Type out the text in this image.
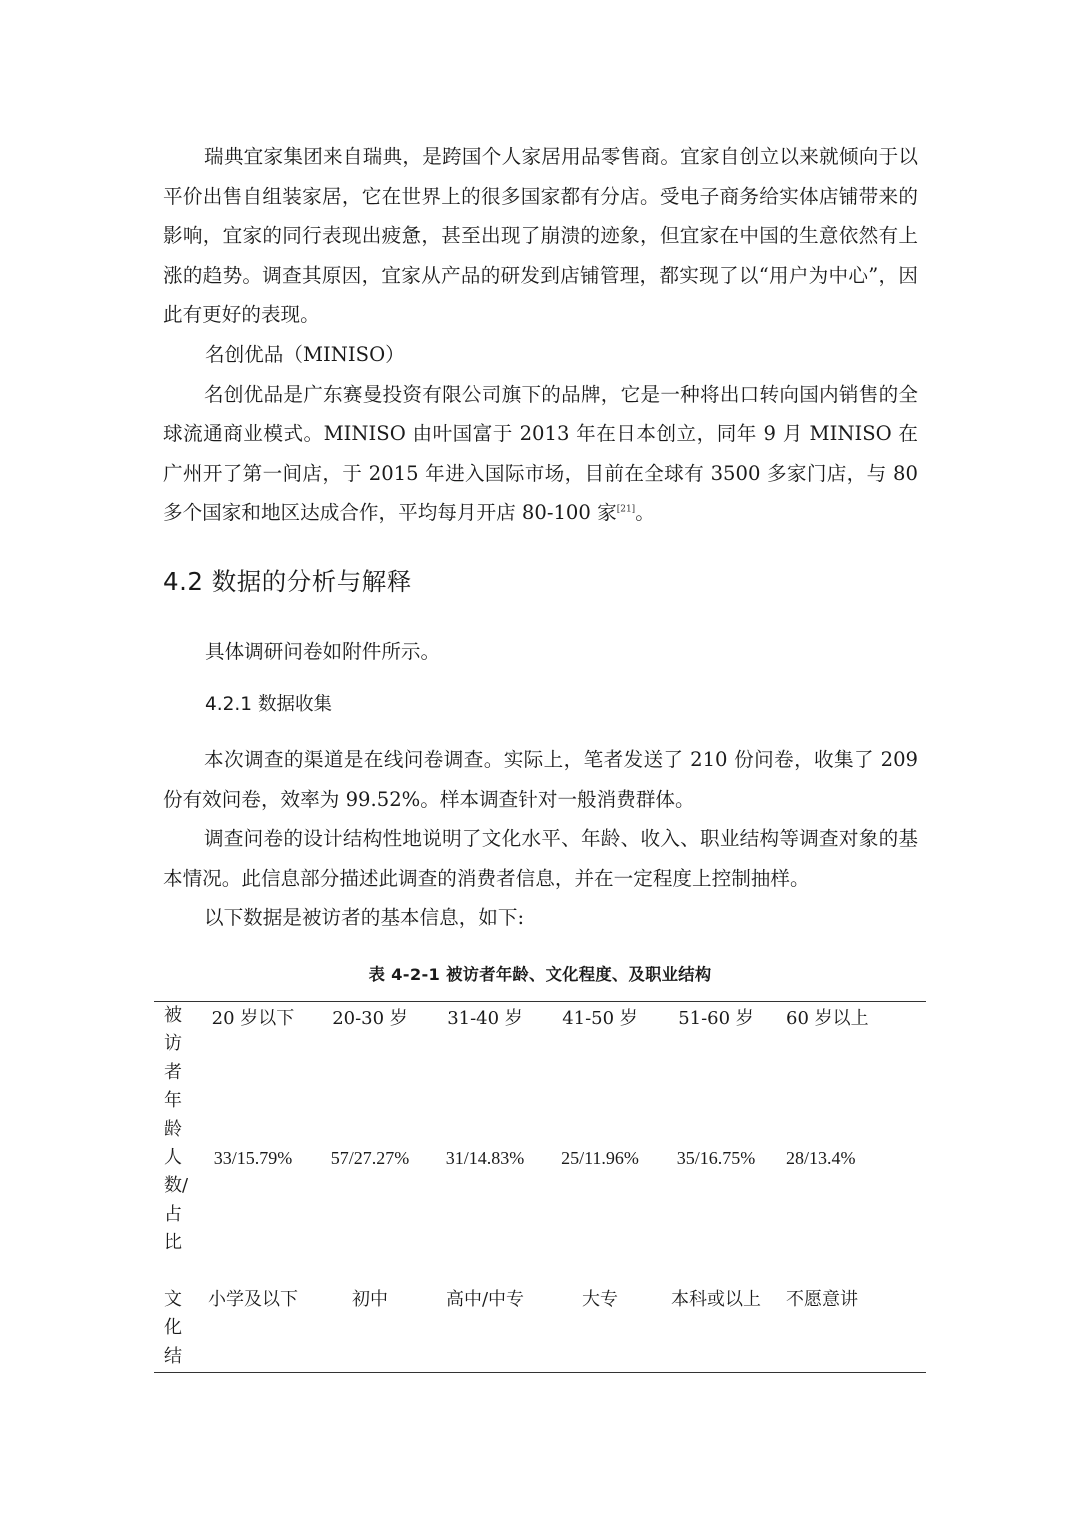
瑞典宜家集团来自瑞典，是跨国个人家居用品零售商。宜家自创立以来就倾向于以平价出售自组装家居，它在世界上的很多国家都有分店。受电子商务给实体店铺带来的影响，宜家的同行表现出疲惫，甚至出现了崩溃的迹象，但宜家在中国的生意依然有上涨的趋势。调查其原因，宜家从产品的研发到店铺管理，都实现了以“用户为中心”，因此有更好的表现。

名创优品（MINISO）

名创优品是广东赛曼投资有限公司旗下的品牌，它是一种将出口转向国内销售的全球流通商业模式。MINISO 由叶国富于 2013 年在日本创立，同年 9 月 MINISO 在广州开了第一间店，于 2015 年进入国际市场，目前在全球有 3500 多家门店，与 80 多个国家和地区达成合作，平均每月开店 80-100 家[21]。

4.2 数据的分析与解释

具体调研问卷如附件所示。

4.2.1 数据收集

本次调查的渠道是在线问卷调查。实际上，笔者发送了 210 份问卷，收集了 209 份有效问卷，效率为 99.52%。样本调查针对一般消费群体。

调查问卷的设计结构性地说明了文化水平、年龄、收入、职业结构等调查对象的基本情况。此信息部分描述此调查的消费者信息，并在一定程度上控制抽样。

以下数据是被访者的基本信息，如下:

表 4-2-1 被访者年龄、文化程度、及职业结构

被访者年龄	20 岁以下	20-30 岁	31-40 岁	41-50 岁	51-60 岁	60 岁以上	

人数/占比	33/15.79%	57/27.27%	31/14.83%	25/11.96%	35/16.75%	28/13.4%	

文化结	小学及以下	初中	高中/中专	大专	本科或以上	不愿意讲	
